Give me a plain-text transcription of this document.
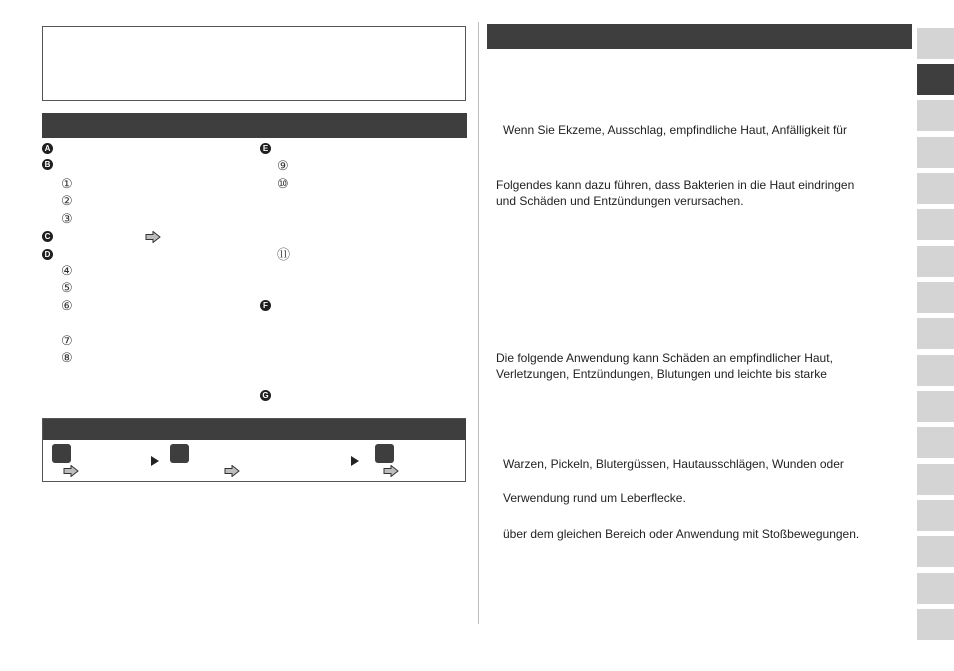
A
B
C
D
E
F
G
①
②
③
④
⑤
⑥
⑦
⑧
⑨
⑩
⑪
Wenn Sie Ekzeme, Ausschlag, empfindliche Haut, Anfälligkeit für
Folgendes kann dazu führen, dass Bakterien in die Haut eindringen
und Schäden und Entzündungen verursachen.
Die folgende Anwendung kann Schäden an empfindlicher Haut,
Verletzungen, Entzündungen, Blutungen und leichte bis starke
Warzen, Pickeln, Blutergüssen, Hautausschlägen, Wunden oder
Verwendung rund um Leberflecke.
über dem gleichen Bereich oder Anwendung mit Stoßbewegungen.
